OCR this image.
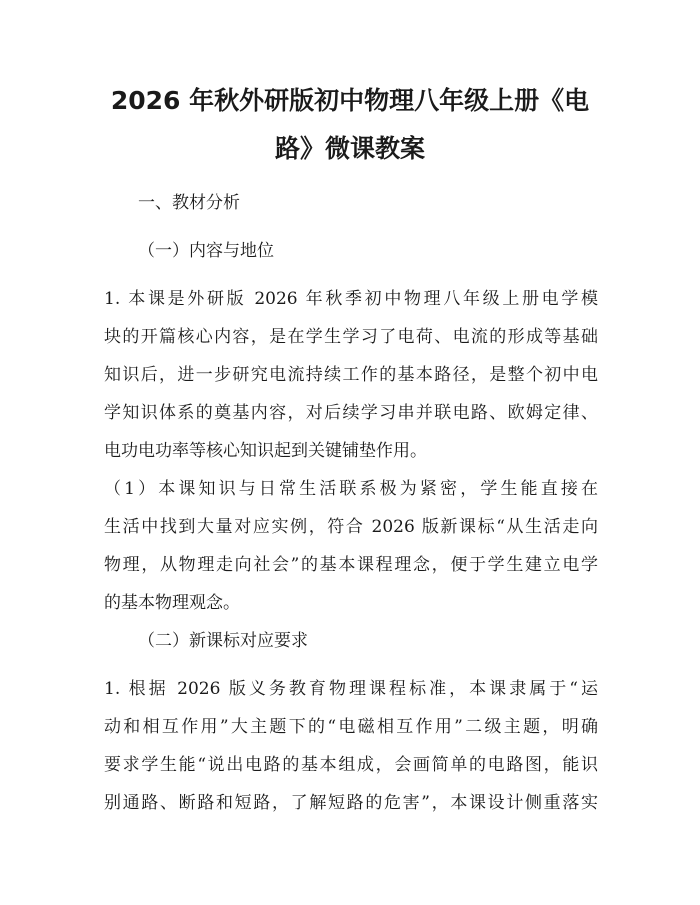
2026 年秋外研版初中物理八年级上册《电
路》微课教案

一、教材分析

（一）内容与地位

1. 本课是外研版 2026 年秋季初中物理八年级上册电学模
块的开篇核心内容，是在学生学习了电荷、电流的形成等基础
知识后，进一步研究电流持续工作的基本路径，是整个初中电
学知识体系的奠基内容，对后续学习串并联电路、欧姆定律、
电功电功率等核心知识起到关键铺垫作用。
（1）本课知识与日常生活联系极为紧密，学生能直接在
生活中找到大量对应实例，符合 2026 版新课标“从生活走向
物理，从物理走向社会”的基本课程理念，便于学生建立电学
的基本物理观念。

（二）新课标对应要求

1. 根据 2026 版义务教育物理课程标准，本课隶属于“运
动和相互作用”大主题下的“电磁相互作用”二级主题，明确
要求学生能“说出电路的基本组成，会画简单的电路图，能识
别通路、断路和短路，了解短路的危害”，本课设计侧重落实
